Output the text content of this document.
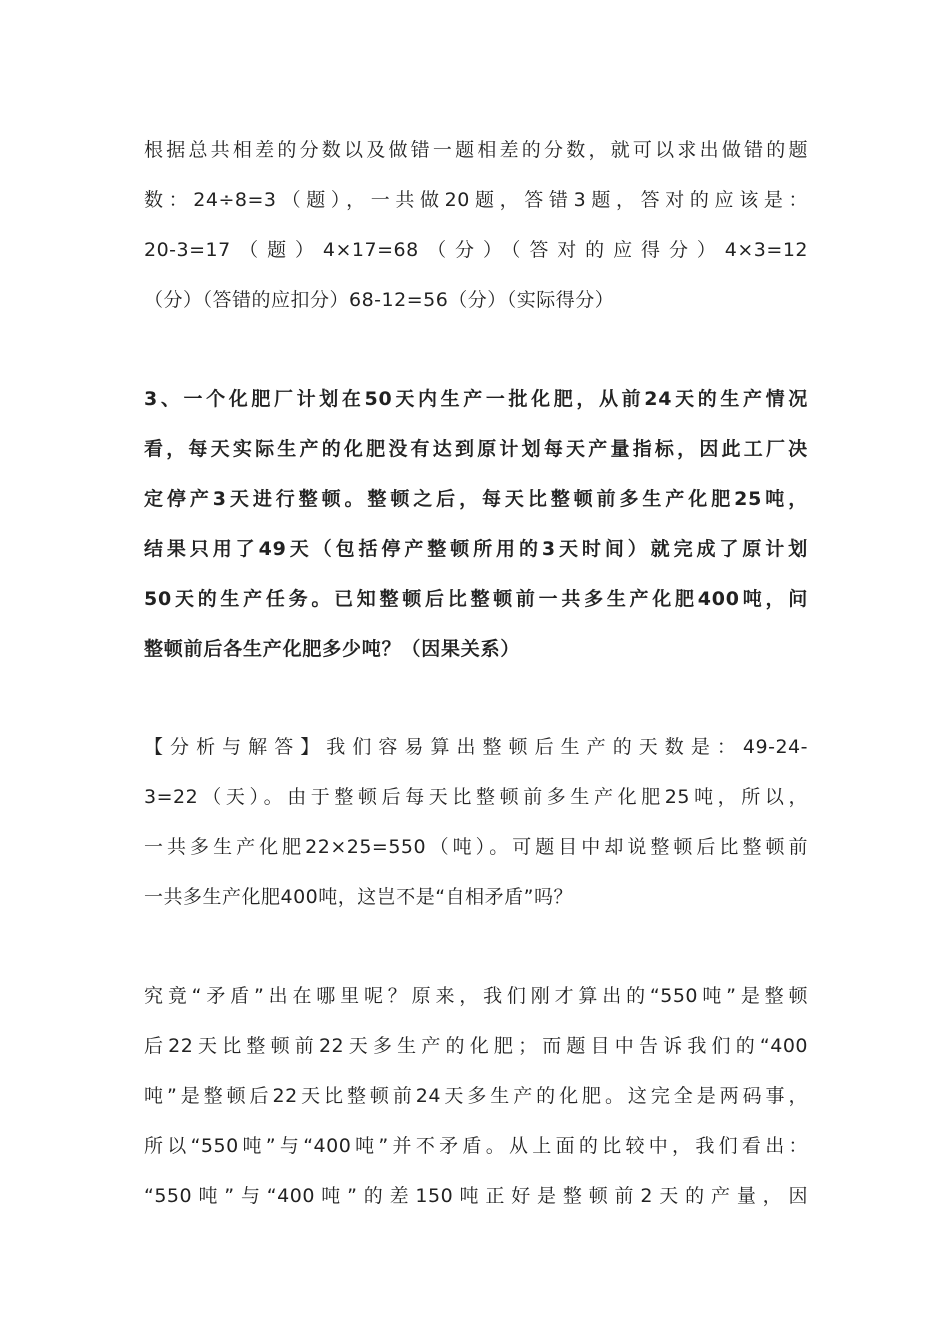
根据总共相差的分数以及做错一题相差的分数，就可以求出做错的题
数：24÷8=3（题），一共做20题，答错3题，答对的应该是：
20-3=17（题）4×17=68（分）（答对的应得分）4×3=12
（分）（答错的应扣分）68-12=56（分）（实际得分）
3、一个化肥厂计划在50天内生产一批化肥，从前24天的生产情况
看，每天实际生产的化肥没有达到原计划每天产量指标，因此工厂决
定停产3天进行整顿。整顿之后，每天比整顿前多生产化肥25吨，
结果只用了49天（包括停产整顿所用的3天时间）就完成了原计划
50天的生产任务。已知整顿后比整顿前一共多生产化肥400吨，问
整顿前后各生产化肥多少吨？（因果关系）
【分析与解答】我们容易算出整顿后生产的天数是：49-24-
3=22（天）。由于整顿后每天比整顿前多生产化肥25吨，所以，
一共多生产化肥22×25=550（吨）。可题目中却说整顿后比整顿前
一共多生产化肥400吨，这岂不是“自相矛盾”吗？
究竟“矛盾”出在哪里呢？原来，我们刚才算出的“550吨”是整顿
后22天比整顿前22天多生产的化肥；而题目中告诉我们的“400
吨”是整顿后22天比整顿前24天多生产的化肥。这完全是两码事，
所以“550吨”与“400吨”并不矛盾。从上面的比较中，我们看出：
“550吨”与“400吨”的差150吨正好是整顿前2天的产量，因
